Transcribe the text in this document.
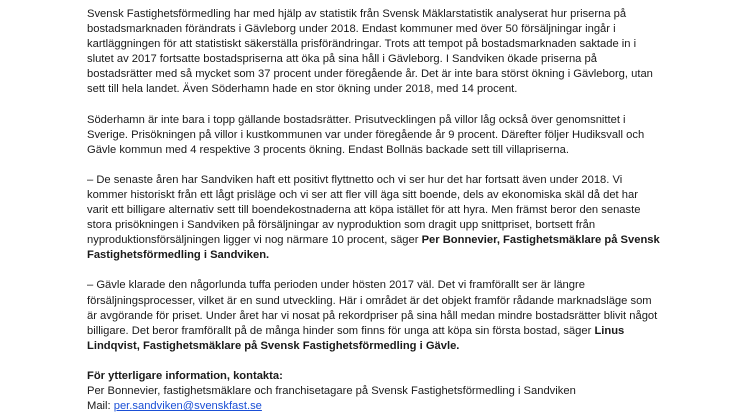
Svensk Fastighetsförmedling har med hjälp av statistik från Svensk Mäklarstatistik analyserat hur priserna på bostadsmarknaden förändrats i Gävleborg under 2018. Endast kommuner med över 50 försäljningar ingår i kartläggningen för att statistiskt säkerställa prisförändringar. Trots att tempot på bostadsmarknaden saktade in i slutet av 2017 fortsatte bostadspriserna att öka på sina håll i Gävleborg. I Sandviken ökade priserna på bostadsrätter med så mycket som 37 procent under föregående år. Det är inte bara störst ökning i Gävleborg, utan sett till hela landet. Även Söderhamn hade en stor ökning under 2018, med 14 procent.

Söderhamn är inte bara i topp gällande bostadsrätter. Prisutvecklingen på villor låg också över genomsnittet i Sverige. Prisökningen på villor i kustkommunen var under föregående år 9 procent. Därefter följer Hudiksvall och Gävle kommun med 4 respektive 3 procents ökning. Endast Bollnäs backade sett till villapriserna.

– De senaste åren har Sandviken haft ett positivt flyttnetto och vi ser hur det har fortsatt även under 2018. Vi kommer historiskt från ett lågt prisläge och vi ser att fler vill äga sitt boende, dels av ekonomiska skäl då det har varit ett billigare alternativ sett till boendekostnaderna att köpa istället för att hyra. Men främst beror den senaste stora prisökningen i Sandviken på försäljningar av nyproduktion som dragit upp snittpriset, bortsett från nyproduktionsförsäljningen ligger vi nog närmare 10 procent, säger Per Bonnevier, Fastighetsmäklare på Svensk Fastighetsförmedling i Sandviken.

– Gävle klarade den någorlunda tuffa perioden under hösten 2017 väl. Det vi framförallt ser är längre försäljningsprocesser, vilket är en sund utveckling. Här i området är det objekt framför rådande marknadsläge som är avgörande för priset. Under året har vi nosat på rekordpriser på sina håll medan mindre bostadsrätter blivit något billigare. Det beror framförallt på de många hinder som finns för unga att köpa sin första bostad, säger Linus Lindqvist, Fastighetsmäklare på Svensk Fastighetsförmedling i Gävle.

För ytterligare information, kontakta:
Per Bonnevier, fastighetsmäklare och franchisetagare på Svensk Fastighetsförmedling i Sandviken
Mail: per.sandviken@svenskfast.se
